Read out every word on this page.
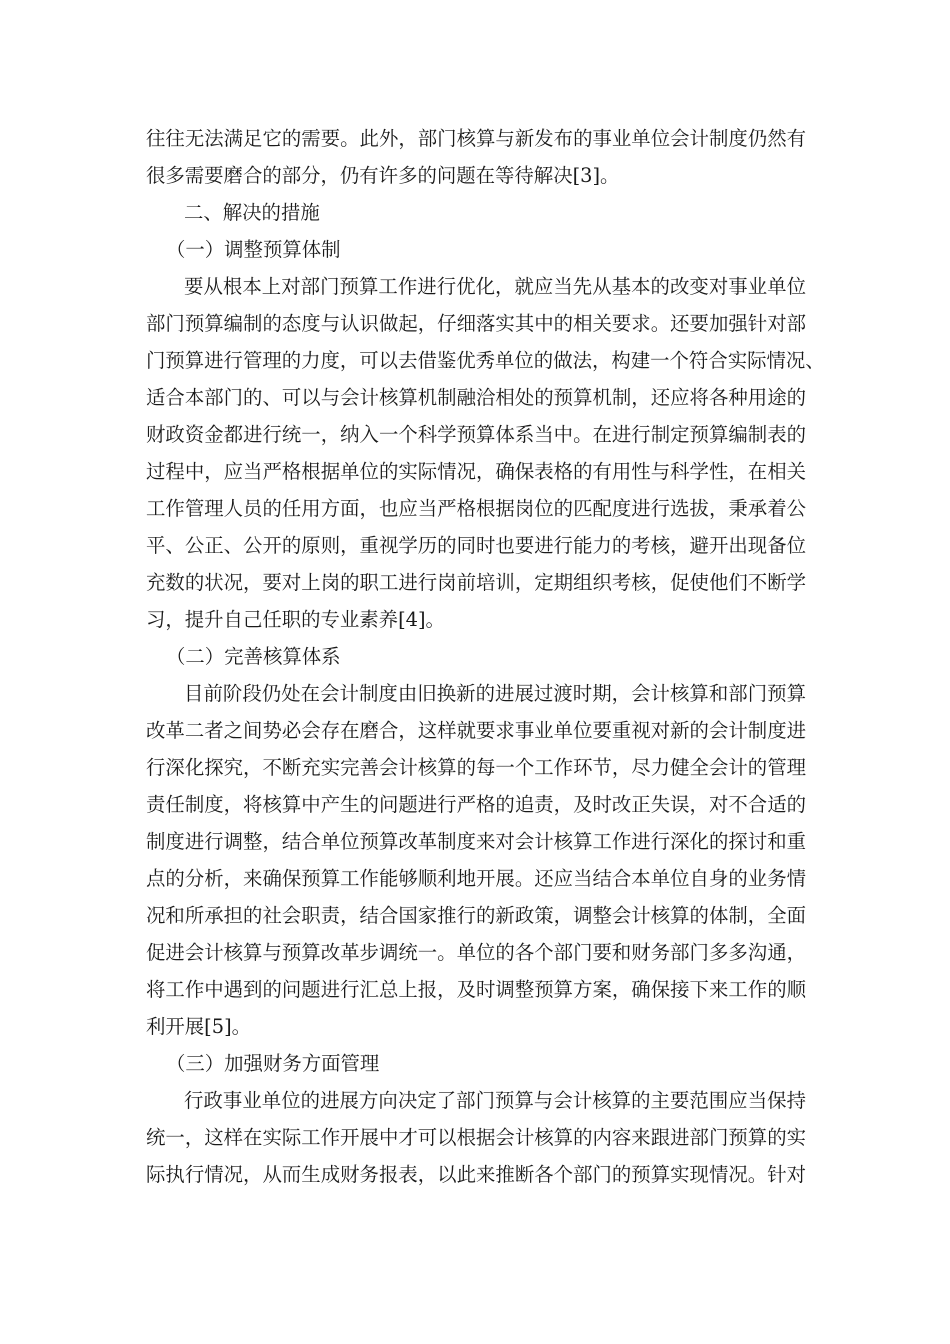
往往无法满足它的需要。此外，部门核算与新发布的事业单位会计制度仍然有
很多需要磨合的部分，仍有许多的问题在等待解决[3]。
二、解决的措施
（一）调整预算体制
要从根本上对部门预算工作进行优化，就应当先从基本的改变对事业单位
部门预算编制的态度与认识做起，仔细落实其中的相关要求。还要加强针对部
门预算进行管理的力度，可以去借鉴优秀单位的做法，构建一个符合实际情况、
适合本部门的、可以与会计核算机制融洽相处的预算机制，还应将各种用途的
财政资金都进行统一，纳入一个科学预算体系当中。在进行制定预算编制表的
过程中，应当严格根据单位的实际情况，确保表格的有用性与科学性，在相关
工作管理人员的任用方面，也应当严格根据岗位的匹配度进行选拔，秉承着公
平、公正、公开的原则，重视学历的同时也要进行能力的考核，避开出现备位
充数的状况，要对上岗的职工进行岗前培训，定期组织考核，促使他们不断学
习，提升自己任职的专业素养[4]。
（二）完善核算体系
目前阶段仍处在会计制度由旧换新的进展过渡时期，会计核算和部门预算
改革二者之间势必会存在磨合，这样就要求事业单位要重视对新的会计制度进
行深化探究，不断充实完善会计核算的每一个工作环节，尽力健全会计的管理
责任制度，将核算中产生的问题进行严格的追责，及时改正失误，对不合适的
制度进行调整，结合单位预算改革制度来对会计核算工作进行深化的探讨和重
点的分析，来确保预算工作能够顺利地开展。还应当结合本单位自身的业务情
况和所承担的社会职责，结合国家推行的新政策，调整会计核算的体制，全面
促进会计核算与预算改革步调统一。单位的各个部门要和财务部门多多沟通，
将工作中遇到的问题进行汇总上报，及时调整预算方案，确保接下来工作的顺
利开展[5]。
（三）加强财务方面管理
行政事业单位的进展方向决定了部门预算与会计核算的主要范围应当保持
统一，这样在实际工作开展中才可以根据会计核算的内容来跟进部门预算的实
际执行情况，从而生成财务报表，以此来推断各个部门的预算实现情况。针对
